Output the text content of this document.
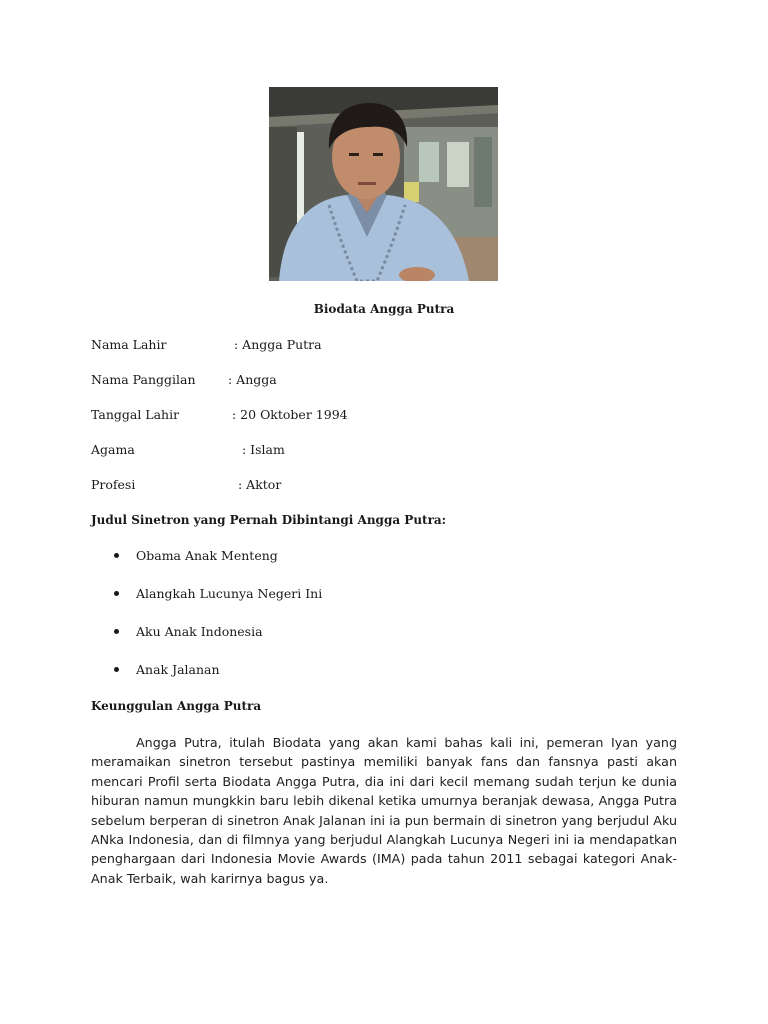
Biodata Angga Putra
Nama Lahir	: Angga Putra
Nama Panggilan	: Angga
Tanggal Lahir	: 20 Oktober 1994
Agama	: Islam
Profesi	: Aktor
Judul Sinetron yang Pernah Dibintangi Angga Putra:
Obama Anak Menteng
Alangkah Lucunya Negeri Ini
Aku Anak Indonesia
Anak Jalanan
Keunggulan Angga Putra
Angga Putra, itulah Biodata yang akan kami bahas kali ini, pemeran Iyan yang meramaikan sinetron tersebut pastinya memiliki banyak fans dan fansnya pasti akan mencari Profil serta Biodata Angga Putra, dia ini dari kecil memang sudah terjun ke dunia hiburan namun mungkkin baru lebih dikenal ketika umurnya beranjak dewasa, Angga Putra sebelum berperan di sinetron Anak Jalanan ini ia pun bermain di sinetron yang berjudul Aku ANka Indonesia, dan di filmnya yang berjudul Alangkah Lucunya Negeri ini ia mendapatkan penghargaan dari Indonesia Movie Awards (IMA) pada tahun 2011 sebagai kategori Anak-Anak Terbaik, wah karirnya bagus ya.
